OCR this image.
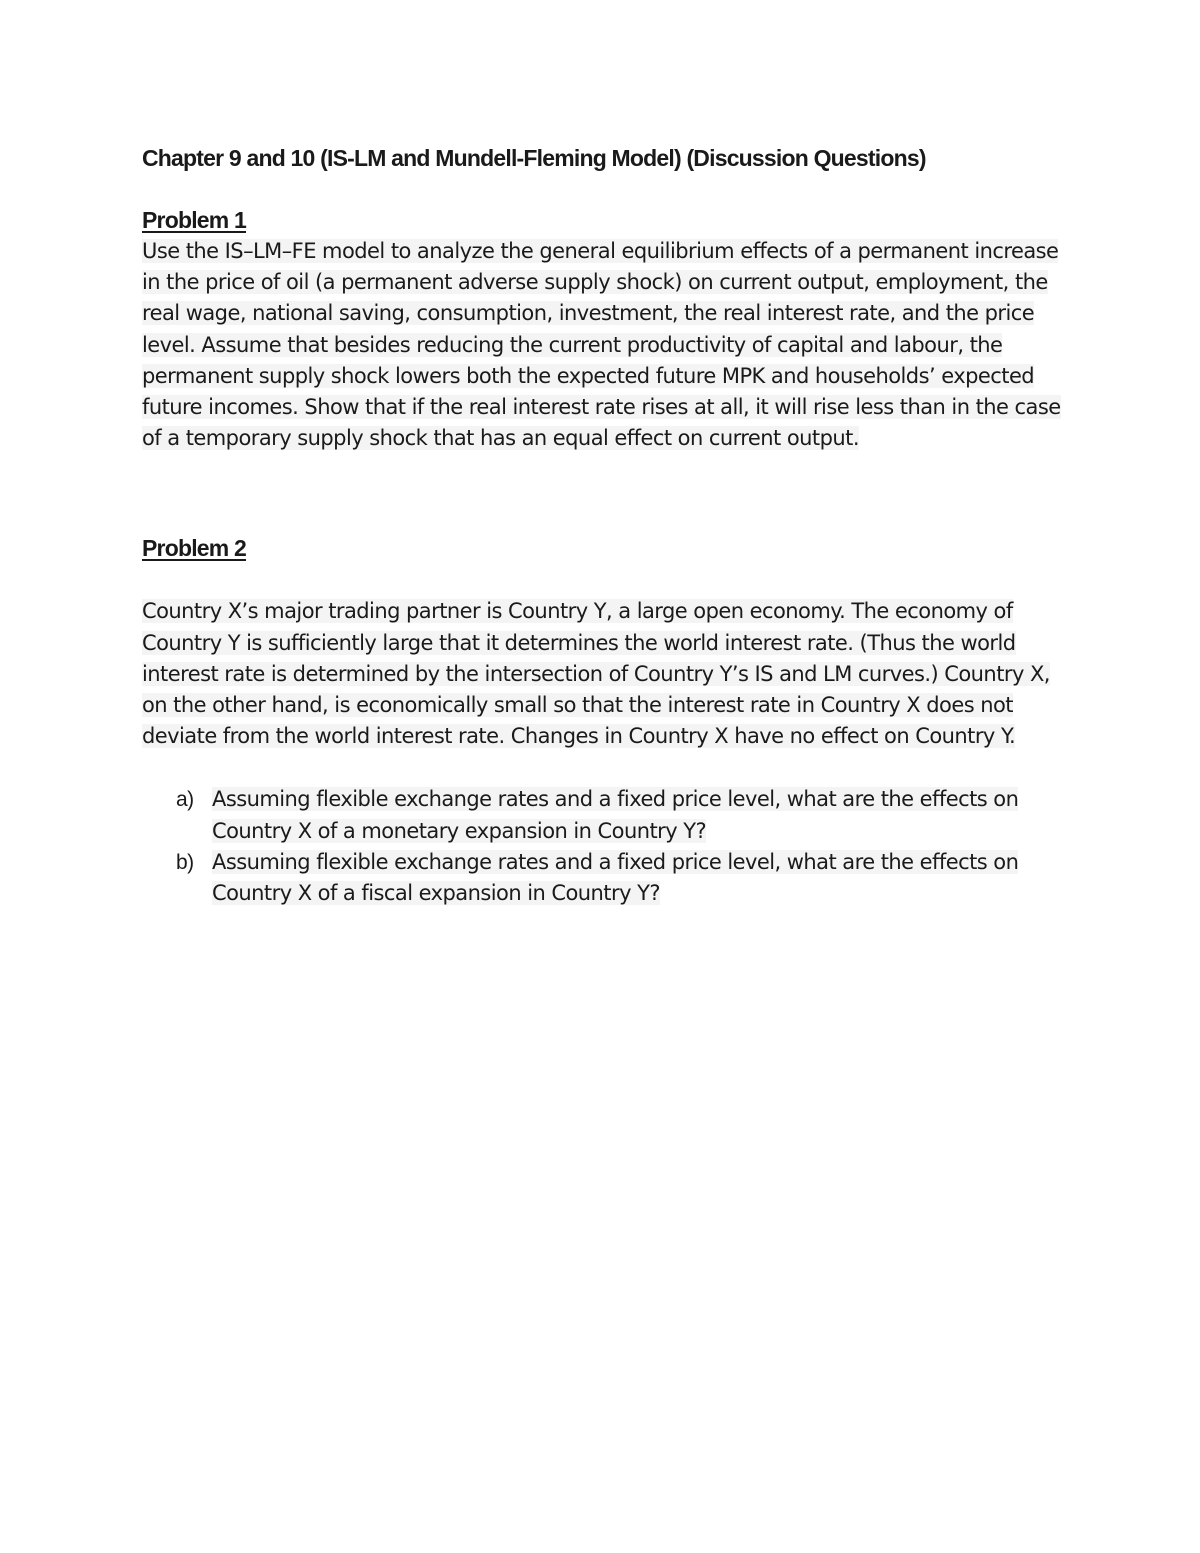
Chapter 9 and 10 (IS-LM and Mundell-Fleming Model) (Discussion Questions)
Problem 1

Use the IS–LM–FE model to analyze the general equilibrium effects of a permanent increase in the price of oil (a permanent adverse supply shock) on current output, employment, the real wage, national saving, consumption, investment, the real interest rate, and the price level. Assume that besides reducing the current productivity of capital and labour, the permanent supply shock lowers both the expected future MPK and households’ expected future incomes. Show that if the real interest rate rises at all, it will rise less than in the case of a temporary supply shock that has an equal effect on current output.

Problem 2

Country X’s major trading partner is Country Y, a large open economy. The economy of Country Y is sufficiently large that it determines the world interest rate. (Thus the world interest rate is determined by the intersection of Country Y’s IS and LM curves.) Country X, on the other hand, is economically small so that the interest rate in Country X does not deviate from the world interest rate. Changes in Country X have no effect on Country Y.

a) Assuming flexible exchange rates and a fixed price level, what are the effects on Country X of a monetary expansion in Country Y?
b) Assuming flexible exchange rates and a fixed price level, what are the effects on Country X of a fiscal expansion in Country Y?
